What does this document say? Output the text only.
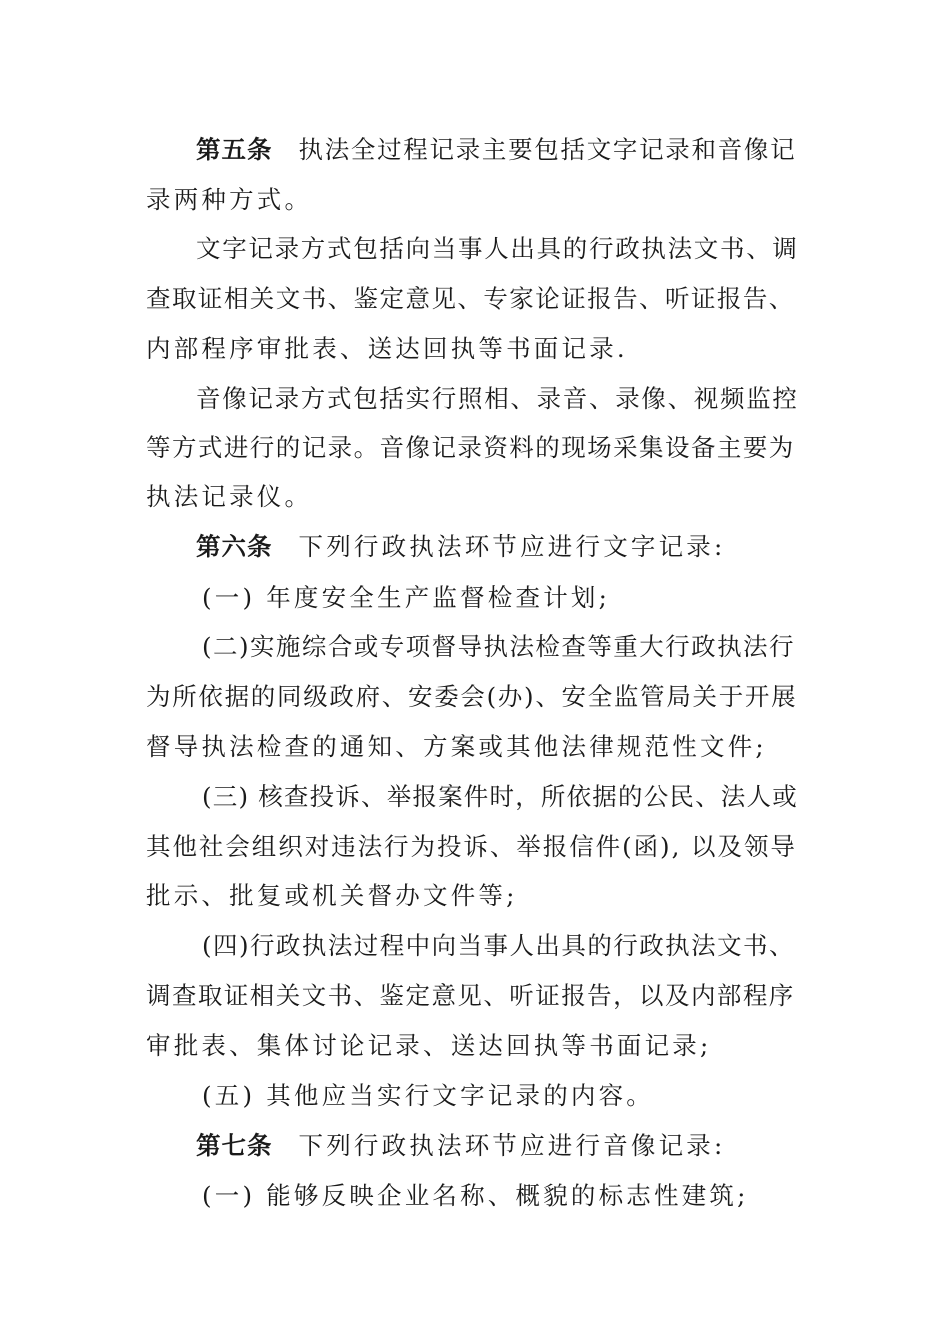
第五条 执法全过程记录主要包括文字记录和音像记
录两种方式。
文字记录方式包括向当事人出具的行政执法文书、调
查取证相关文书、鉴定意见、专家论证报告、听证报告、
内部程序审批表、送达回执等书面记录.
音像记录方式包括实行照相、录音、录像、视频监控
等方式进行的记录。音像记录资料的现场采集设备主要为
执法记录仪。
第六条 下列行政执法环节应进行文字记录:
(一) 年度安全生产监督检查计划;
(二)实施综合或专项督导执法检查等重大行政执法行
为所依据的同级政府、安委会(办)、安全监管局关于开展
督导执法检查的通知、方案或其他法律规范性文件;
(三) 核查投诉、举报案件时，所依据的公民、法人或
其他社会组织对违法行为投诉、举报信件(函), 以及领导
批示、批复或机关督办文件等;
(四)行政执法过程中向当事人出具的行政执法文书、
调查取证相关文书、鉴定意见、听证报告，以及内部程序
审批表、集体讨论记录、送达回执等书面记录;
(五) 其他应当实行文字记录的内容。
第七条 下列行政执法环节应进行音像记录:
(一) 能够反映企业名称、概貌的标志性建筑;
